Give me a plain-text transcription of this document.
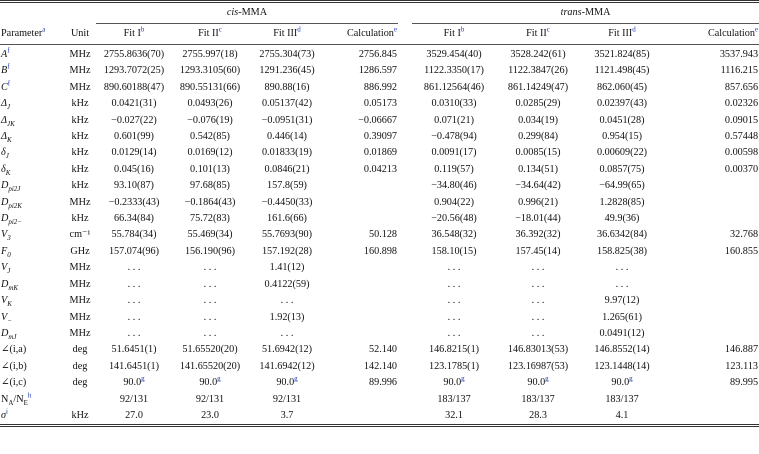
		cis-MMA					trans-MMA			
Parameter$^a$	Unit	Fit $I^b$	Fit $II^c$	Fit III$^d$	Calculation$^e$		Fit $I^b$	Fit $II^c$	Fit III$^d$	Calculation$^e$
$A^f$	MHz	2755.8636(70)	2755.997(18)	2755.304(73)	2756.845		3529.454(40)	3528.242(61)	3521.824(85)	3537.943
$B^f$	MHz	1293.7072(25)	1293.3105(60)	1291.236(45)	1286.597		1122.3350(17)	1122.3847(26)	1121.498(45)	1116.215
$C^f$	MHz	890.60188(47)	890.55131(66)	890.88(16)	886.992		861.12564(46)	861.14249(47)	862.060(45)	857.656
$\Delta_J$	kHz	0.0421(31)	0.0493(26)	0.05137(42)	0.05173		0.0310(33)	0.0285(29)	0.02397(43)	0.02326
$\Delta_{JK}$	kHz	−0.027(22)	−0.076(19)	−0.0951(31)	−0.06667		0.071(21)	0.034(19)	0.0451(28)	0.09015
$\Delta_K$	kHz	0.601(99)	0.542(85)	0.446(14)	0.39097		−0.478(94)	0.299(84)	0.954(15)	0.57448
$\delta_J$	kHz	0.0129(14)	0.0169(12)	0.01833(19)	0.01869		0.0091(17)	0.0085(15)	0.00609(22)	0.00598
$\delta_K$	kHz	0.045(16)	0.101(13)	0.0846(21)	0.04213		0.119(57)	0.134(51)	0.0857(75)	0.00370
$D_{pi2J}$	kHz	93.10(87)	97.68(85)	157.8(59)			−34.80(46)	−34.64(42)	−64.99(65)	
$D_{pi2K}$	MHz	−0.2333(43)	−0.1864(43)	−0.4450(33)			0.904(22)	0.996(21)	1.2828(85)	
$D_{pi2-}$	kHz	66.34(84)	75.72(83)	161.6(66)			−20.56(48)	−18.01(44)	49.9(36)	
$V_3$	cm⁻¹	55.784(34)	55.469(34)	55.7693(90)	50.128		36.548(32)	36.392(32)	36.6342(84)	32.768
$F_0$	GHz	157.074(96)	156.190(96)	157.192(28)	160.898		158.10(15)	157.45(14)	158.825(38)	160.855
$V_J$	MHz	. . .	. . .	1.41(12)			. . .	. . .	. . .	
$D_{mK}$	MHz	. . .	. . .	0.4122(59)			. . .	. . .	. . .	
$V_K$	MHz	. . .	. . .	. . .			. . .	. . .	9.97(12)	
$V_-$	MHz	. . .	. . .	1.92(13)			. . .	. . .	1.265(61)	
$D_{mJ}$	MHz	. . .	. . .	. . .			. . .	. . .	0.0491(12)	
∠(i,a)	deg	51.6451(1)	51.65520(20)	51.6942(12)	52.140		146.8215(1)	146.83013(53)	146.8552(14)	146.887
∠(i,b)	deg	141.6451(1)	141.65520(20)	141.6942(12)	142.140		123.1785(1)	123.16987(53)	123.1448(14)	123.113
∠(i,c)	deg	90.0$^g$	90.0$^g$	90.0$^g$	89.996		90.0$^g$	90.0$^g$	90.0$^g$	89.995
$N_A/N_E^h$		92/131	92/131	92/131			183/137	183/137	183/137	
$\sigma^i$	kHz	27.0	23.0	3.7			32.1	28.3	4.1	
